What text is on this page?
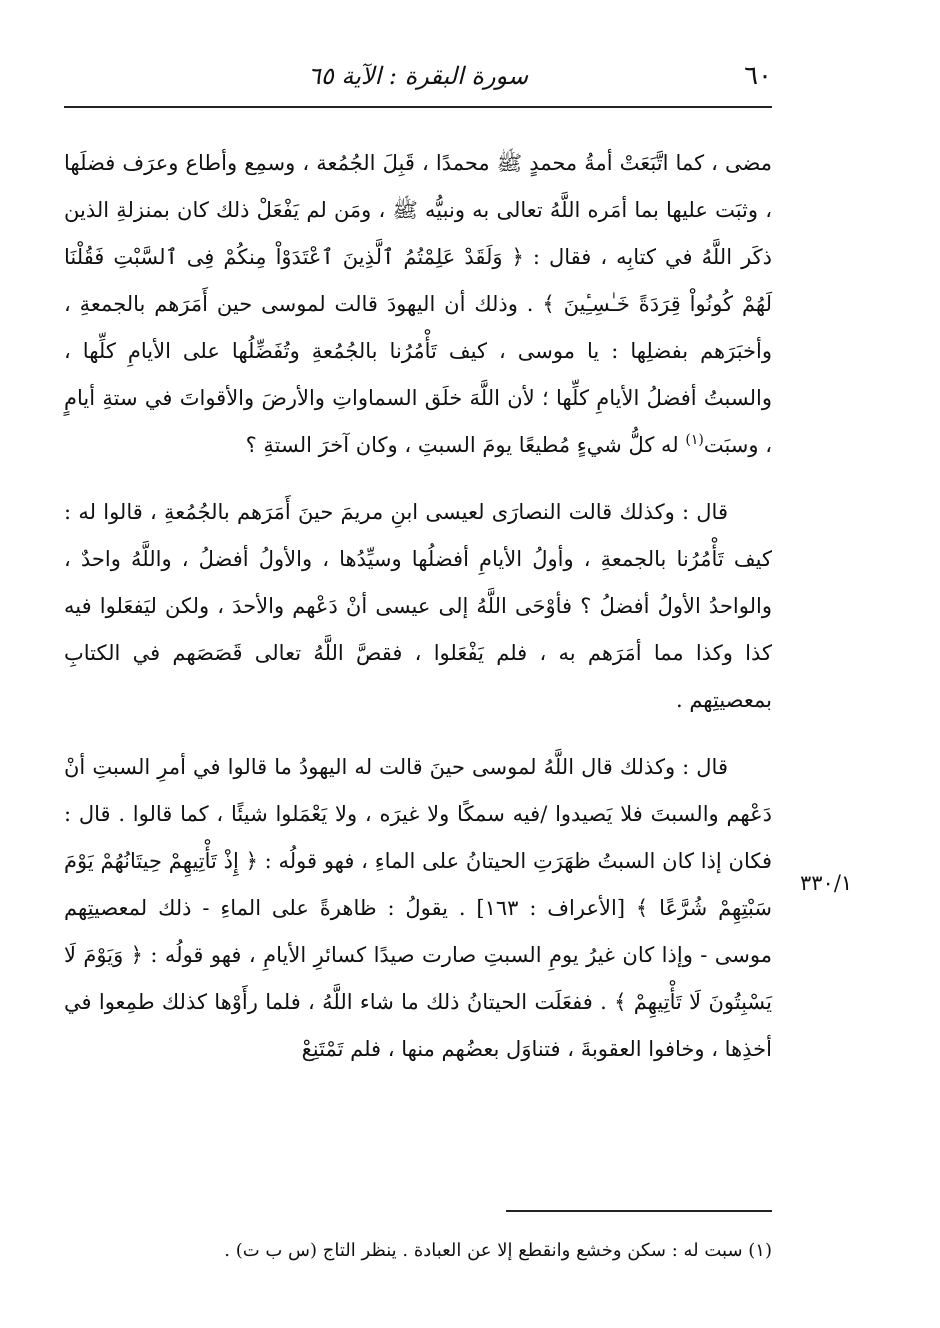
٦٠
سورة البقرة : الآية ٦٥
٣٣٠/١

مضى ، كما اتَّبَعَتْ أمةُ محمدٍ ﷺ محمدًا ، قَبِلَ الجُمُعة ، وسمِع وأطاع وعرَف فضلَها ، وثبَت عليها بما أمَره اللَّهُ تعالى به ونبيُّه ﷺ ، ومَن لم يَفْعَلْ ذلك كان بمنزلةِ الذين ذكَر اللَّهُ في كتابِه ، فقال : ﴿ وَلَقَدْ عَلِمْتُمُ ٱلَّذِينَ ٱعْتَدَوْاْ مِنكُمْ فِى ٱلسَّبْتِ فَقُلْنَا لَهُمْ كُونُواْ قِرَدَةً خَـٰسِـِٔينَ ﴾ . وذلك أن اليهودَ قالت لموسى حين أَمَرَهم بالجمعةِ ، وأخبَرَهم بفضلِها : يا موسى ، كيف تَأْمُرُنا بالجُمُعةِ وتُفَضِّلُها على الأيامِ كلِّها ، والسبتُ أفضلُ الأيامِ كلِّها ؛ لأن اللَّهَ خلَق السماواتِ والأرضَ والأقواتَ في ستةِ أيامٍ ، وسبَت$^{(١)}$ له كلُّ شيءٍ مُطيعًا يومَ السبتِ ، وكان آخرَ الستةِ ؟

قال : وكذلك قالت النصارَى لعيسى ابنِ مريمَ حينَ أَمَرَهم بالجُمُعةِ ، قالوا له : كيف تَأْمُرُنا بالجمعةِ ، وأولُ الأيامِ أفضلُها وسيِّدُها ، والأولُ أفضلُ ، واللَّهُ واحدٌ ، والواحدُ الأولُ أفضلُ ؟ فأوْحَى اللَّهُ إلى عيسى أنْ دَعْهم والأحدَ ، ولكن ليَفعَلوا فيه كذا وكذا مما أمَرَهم به ، فلم يَفْعَلوا ، فقصَّ اللَّهُ تعالى قَصَصَهم في الكتابِ بمعصيتِهم .

قال : وكذلك قال اللَّهُ لموسى حينَ قالت له اليهودُ ما قالوا في أمرِ السبتِ أنْ دَعْهم والسبتَ فلا يَصيدوا /فيه سمكًا ولا غيرَه ، ولا يَعْمَلوا شيئًا ، كما قالوا . قال : فكان إذا كان السبتُ ظهَرَتِ الحيتانُ على الماءِ ، فهو قولُه : ﴿ إِذْ تَأْتِيهِمْ حِيتَانُهُمْ يَوْمَ سَبْتِهِمْ شُرَّعًا ﴾ [الأعراف : ١٦٣] . يقولُ : ظاهرةً على الماءِ - ذلك لمعصيتِهم موسى - وإذا كان غيرُ يومِ السبتِ صارت صيدًا كسائرِ الأيامِ ، فهو قولُه : ﴿ وَيَوْمَ لَا يَسْبِتُونَ لَا تَأْتِيهِمْ ﴾ . ففعَلَت الحيتانُ ذلك ما شاء اللَّهُ ، فلما رأَوْها كذلك طمِعوا في أخذِها ، وخافوا العقوبةَ ، فتناوَل بعضُهم منها ، فلم تَمْتَنِعْ

(١) سبت له : سكن وخشع وانقطع إلا عن العبادة . ينظر التاج (س ب ت) .
